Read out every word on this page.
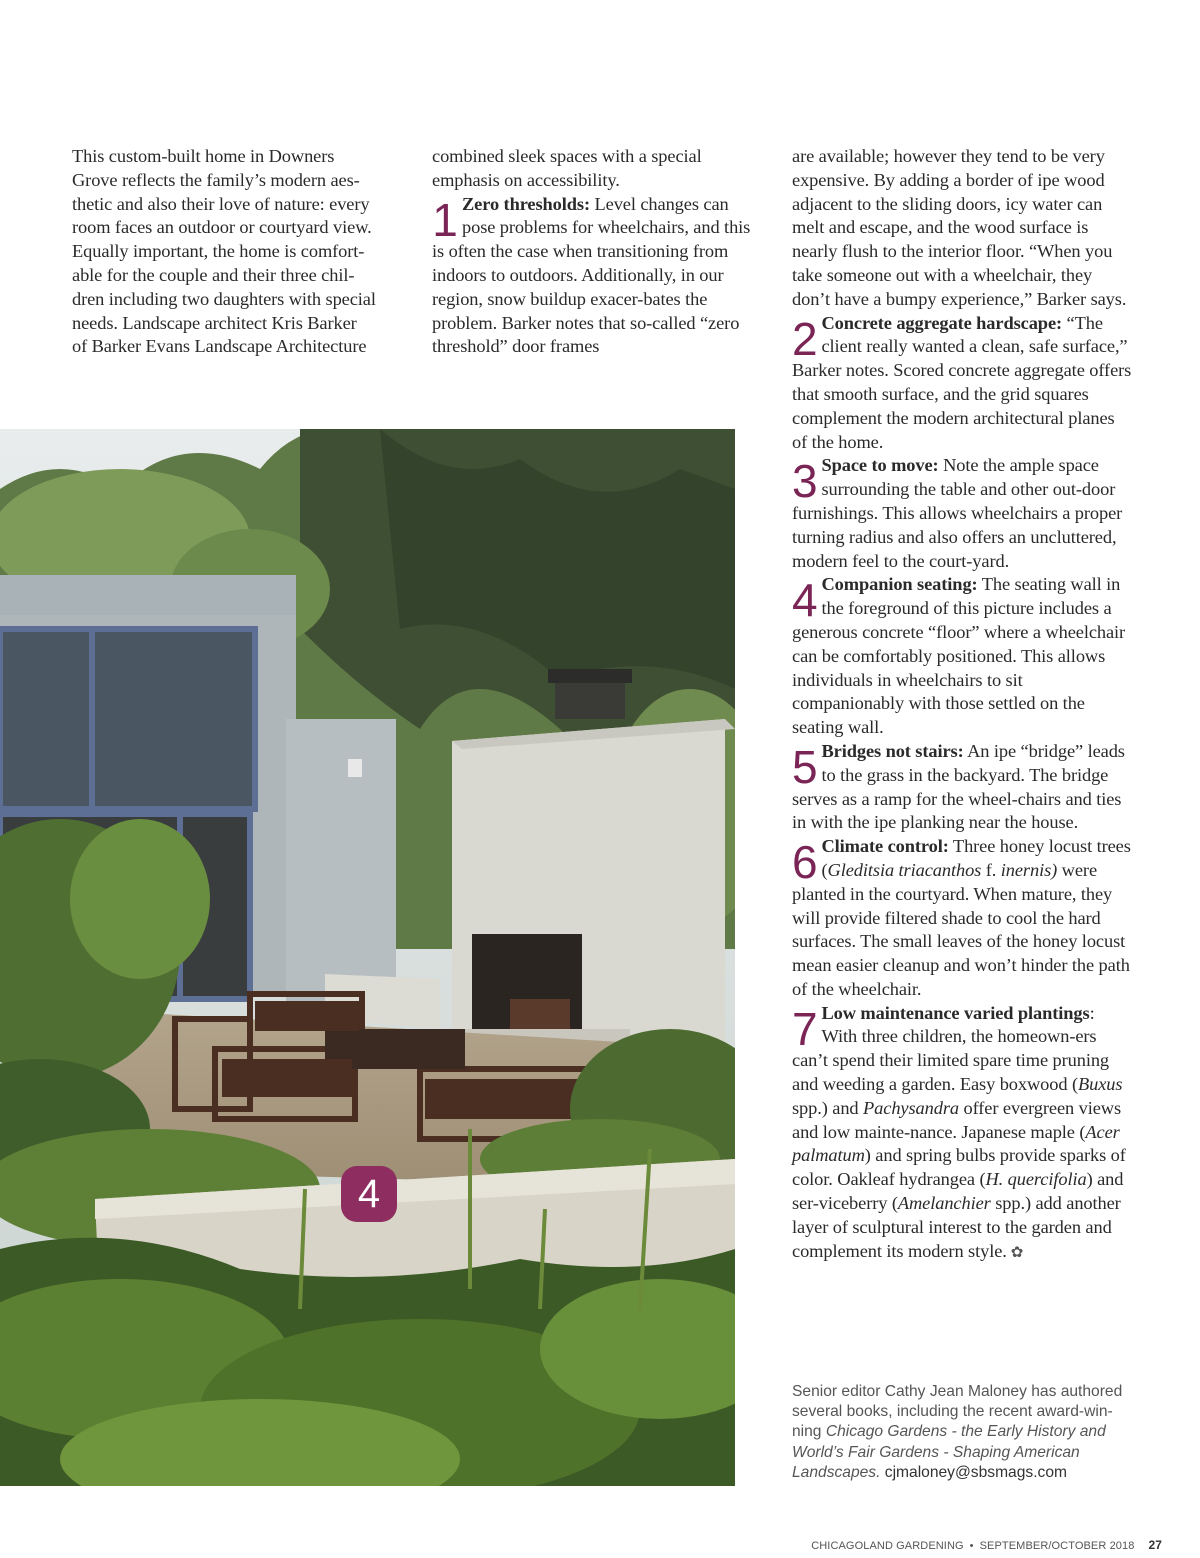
This custom-built home in Downers
Grove reflects the family’s modern aes-
thetic and also their love of nature: every
room faces an outdoor or courtyard view.
Equally important, the home is comfort-
able for the couple and their three chil-
dren including two daughters with special
needs. Landscape architect Kris Barker
of Barker Evans Landscape Architecture

combined sleek spaces with a special
emphasis on accessibility.

1 Zero thresholds: Level changes can pose problems for wheelchairs, and this is often the case when transitioning from indoors to outdoors. Additionally, in our region, snow buildup exacer-bates the problem. Barker notes that so-called “zero threshold” door frames

are available; however they tend to be very expensive. By adding a border of ipe wood adjacent to the sliding doors, icy water can melt and escape, and the wood surface is nearly flush to the interior floor. “When you take someone out with a wheelchair, they don’t have a bumpy experience,” Barker says.

2 Concrete aggregate hardscape: “The client really wanted a clean, safe surface,” Barker notes. Scored concrete aggregate offers that smooth surface, and the grid squares complement the modern architectural planes of the home.
3 Space to move: Note the ample space surrounding the table and other out-door furnishings. This allows wheelchairs a proper turning radius and also offers an uncluttered, modern feel to the court-yard.
4 Companion seating: The seating wall in the foreground of this picture includes a generous concrete “floor” where a wheelchair can be comfortably positioned. This allows individuals in wheelchairs to sit companionably with those settled on the seating wall.
5 Bridges not stairs: An ipe “bridge” leads to the grass in the backyard. The bridge serves as a ramp for the wheel-chairs and ties in with the ipe planking near the house.
6 Climate control: Three honey locust trees (Gleditsia triacanthos f. inernis) were planted in the courtyard. When mature, they will provide filtered shade to cool the hard surfaces. The small leaves of the honey locust mean easier cleanup and won’t hinder the path of the wheelchair.
7 Low maintenance varied plantings: With three children, the homeown-ers can’t spend their limited spare time pruning and weeding a garden. Easy boxwood (Buxus spp.) and Pachysandra offer evergreen views and low mainte-nance. Japanese maple (Acer palmatum) and spring bulbs provide sparks of color. Oakleaf hydrangea (H. quercifolia) and ser-viceberry (Amelanchier spp.) add another layer of sculptural interest to the garden and complement its modern style. ✿
4
Senior editor Cathy Jean Maloney has authored several books, including the recent award-win-ning Chicago Gardens - the Early History and World’s Fair Gardens - Shaping American Landscapes. cjmaloney@sbsmags.com
CHICAGOLAND GARDENING • SEPTEMBER/OCTOBER 2018 27
